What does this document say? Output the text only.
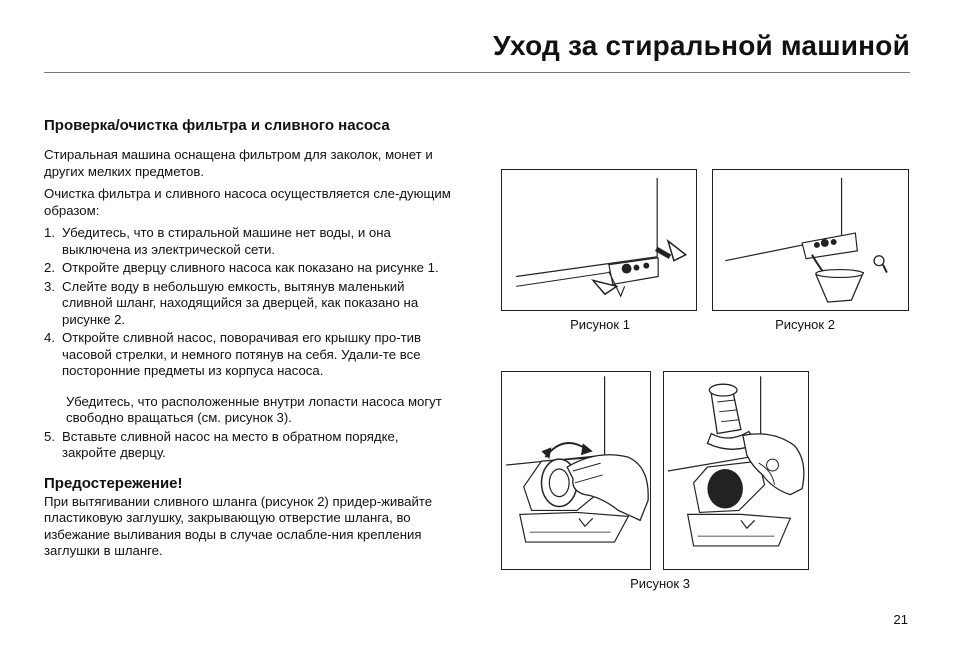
Уход за стиральной машиной
Проверка/очистка фильтра и сливного насоса

Стиральная машина оснащена фильтром для заколок, монет и других мелких предметов.

Очистка фильтра и сливного насоса осуществляется сле-дующим образом:

1. Убедитесь, что в стиральной машине нет воды, и она выключена из электрической сети.
2. Откройте дверцу сливного насоса как показано на рисунке 1.
3. Слейте воду в небольшую емкость, вытянув маленький сливной шланг, находящийся за дверцей, как показано на рисунке 2.
4. Откройте сливной насос, поворачивая его крышку про-тив часовой стрелки, и немного потянув на себя. Удали-те все посторонние предметы из корпуса насоса.

Убедитесь, что расположенные внутри лопасти насоса могут свободно вращаться (см. рисунок 3).

5. Вставьте сливной насос на место в обратном порядке, закройте дверцу.
Предостережение!

При вытягивании сливного шланга (рисунок 2) придер-живайте пластиковую заглушку, закрывающую отверстие шланга, во избежание выливания воды в случае ослабле-ния крепления заглушки в шланге.

Рисунок 1	Рисунок 2
Рисунок 3
21
